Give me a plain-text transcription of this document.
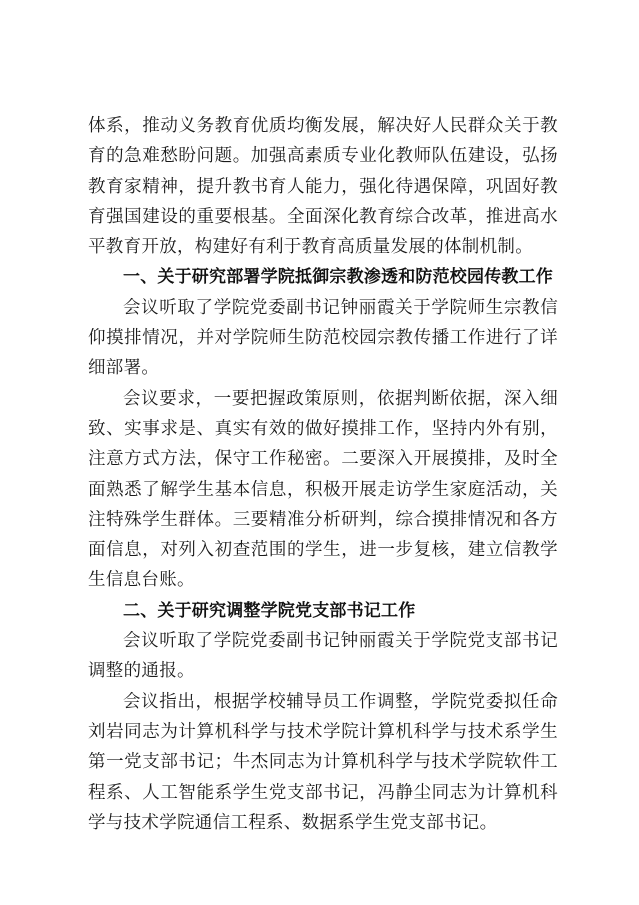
体系，推动义务教育优质均衡发展，解决好人民群众关于教育的急难愁盼问题。加强高素质专业化教师队伍建设，弘扬教育家精神，提升教书育人能力，强化待遇保障，巩固好教育强国建设的重要根基。全面深化教育综合改革，推进高水平教育开放，构建好有利于教育高质量发展的体制机制。

一、关于研究部署学院抵御宗教渗透和防范校园传教工作

会议听取了学院党委副书记钟丽霞关于学院师生宗教信仰摸排情况，并对学院师生防范校园宗教传播工作进行了详细部署。

会议要求，一要把握政策原则，依据判断依据，深入细致、实事求是、真实有效的做好摸排工作，坚持内外有别，注意方式方法，保守工作秘密。二要深入开展摸排，及时全面熟悉了解学生基本信息，积极开展走访学生家庭活动，关注特殊学生群体。三要精准分析研判，综合摸排情况和各方面信息，对列入初查范围的学生，进一步复核，建立信教学生信息台账。

二、关于研究调整学院党支部书记工作

会议听取了学院党委副书记钟丽霞关于学院党支部书记调整的通报。

会议指出，根据学校辅导员工作调整，学院党委拟任命刘岩同志为计算机科学与技术学院计算机科学与技术系学生第一党支部书记；牛杰同志为计算机科学与技术学院软件工程系、人工智能系学生党支部书记，冯静尘同志为计算机科学与技术学院通信工程系、数据系学生党支部书记。
